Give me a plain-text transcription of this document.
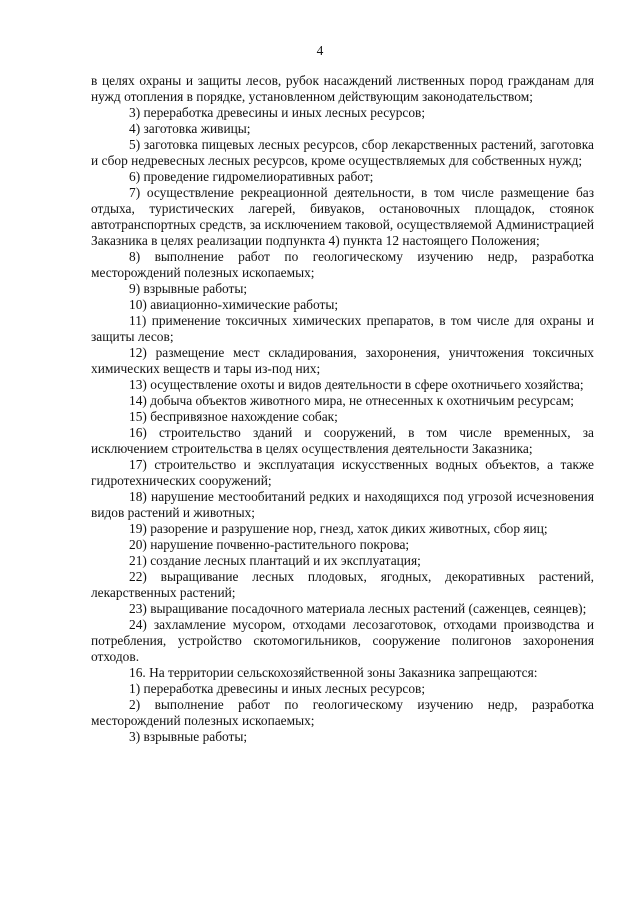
4

в целях охраны и защиты лесов, рубок насаждений лиственных пород гражданам для нужд отопления в порядке, установленном действующим законодательством;

3) переработка древесины и иных лесных ресурсов;

4) заготовка живицы;

5) заготовка пищевых лесных ресурсов, сбор лекарственных растений, заготовка и сбор недревесных лесных ресурсов, кроме осуществляемых для собственных нужд;

6) проведение гидромелиоративных работ;

7) осуществление рекреационной деятельности, в том числе размещение баз отдыха, туристических лагерей, бивуаков, остановочных площадок, стоянок автотранспортных средств, за исключением таковой, осуществляемой Администрацией Заказника в целях реализации подпункта 4) пункта 12 настоящего Положения;

8) выполнение работ по геологическому изучению недр, разработка месторождений полезных ископаемых;

9) взрывные работы;

10) авиационно-химические работы;

11) применение токсичных химических препаратов, в том числе для охраны и защиты лесов;

12) размещение мест складирования, захоронения, уничтожения токсичных химических веществ и тары из-под них;

13) осуществление охоты и видов деятельности в сфере охотничьего хозяйства;

14) добыча объектов животного мира, не отнесенных к охотничьим ресурсам;

15) беспривязное нахождение собак;

16) строительство зданий и сооружений, в том числе временных, за исключением строительства в целях осуществления деятельности Заказника;

17) строительство и эксплуатация искусственных водных объектов, а также гидротехнических сооружений;

18) нарушение местообитаний редких и находящихся под угрозой исчезновения видов растений и животных;

19) разорение и разрушение нор, гнезд, хаток диких животных, сбор яиц;

20) нарушение почвенно-растительного покрова;

21) создание лесных плантаций и их эксплуатация;

22) выращивание лесных плодовых, ягодных, декоративных растений, лекарственных растений;

23) выращивание посадочного материала лесных растений (саженцев, сеянцев);

24) захламление мусором, отходами лесозаготовок, отходами производства и потребления, устройство скотомогильников, сооружение полигонов захоронения отходов.

16. На территории сельскохозяйственной зоны Заказника запрещаются:

1) переработка древесины и иных лесных ресурсов;

2) выполнение работ по геологическому изучению недр, разработка месторождений полезных ископаемых;

3) взрывные работы;
